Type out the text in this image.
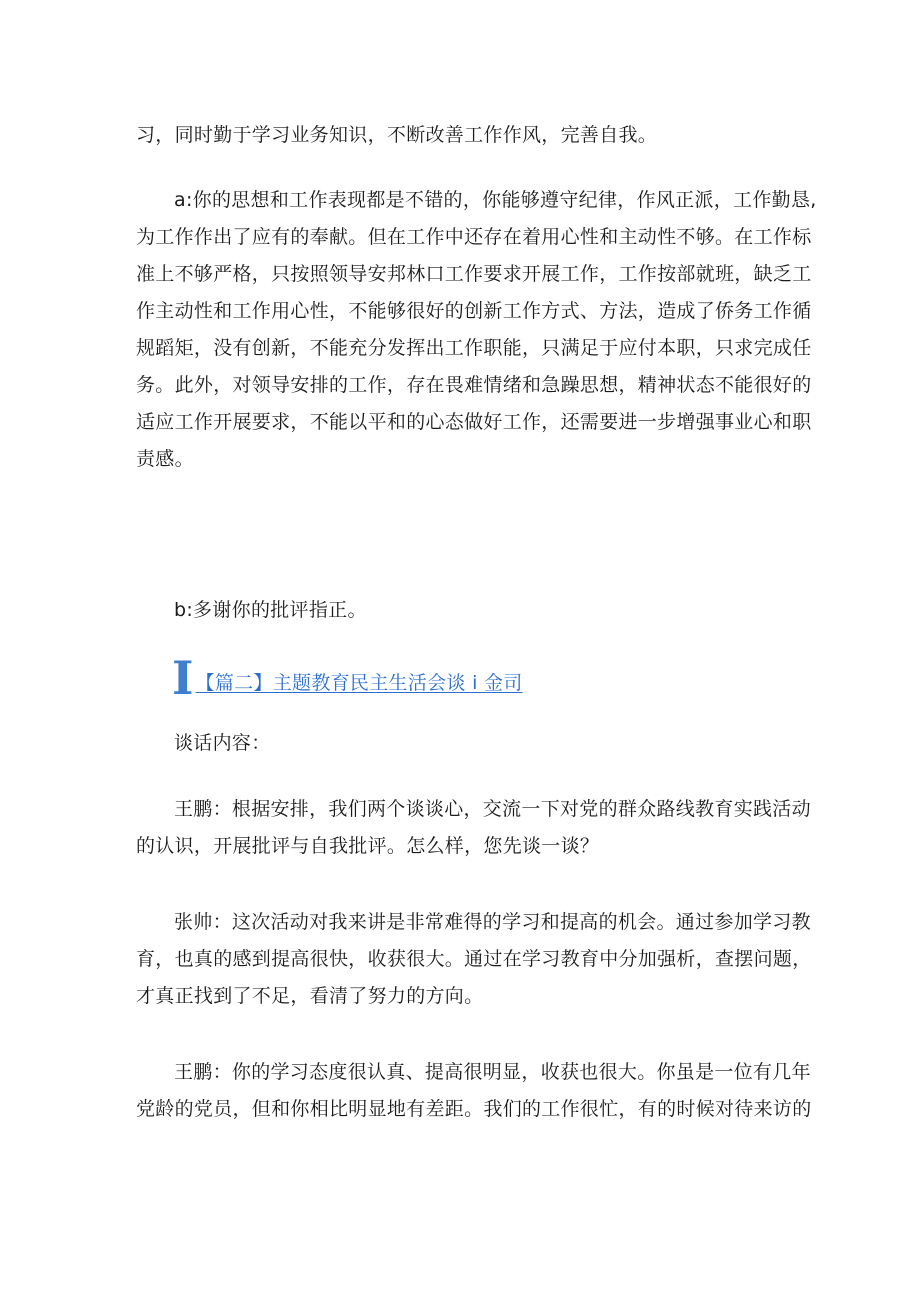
习，同时勤于学习业务知识，不断改善工作作风，完善自我。

a:你的思想和工作表现都是不错的，你能够遵守纪律，作风正派，工作勤恳,
为工作作出了应有的奉献。但在工作中还存在着用心性和主动性不够。在工作标
准上不够严格，只按照领导安邦林口工作要求开展工作，工作按部就班，缺乏工
作主动性和工作用心性，不能够很好的创新工作方式、方法，造成了侨务工作循
规蹈矩，没有创新，不能充分发挥出工作职能，只满足于应付本职，只求完成任
务。此外，对领导安排的工作，存在畏难情绪和急躁思想，精神状态不能很好的
适应工作开展要求，不能以平和的心态做好工作，还需要进一步增强事业心和职
责感。

b:多谢你的批评指正。

I 【篇二】主题教育民主生活会谈 i 金司

谈话内容：

王鹏：根据安排，我们两个谈谈心，交流一下对党的群众路线教育实践活动
的认识，开展批评与自我批评。怎么样，您先谈一谈？

张帅：这次活动对我来讲是非常难得的学习和提高的机会。通过参加学习教
育，也真的感到提高很快，收获很大。通过在学习教育中分加强析，查摆问题，
才真正找到了不足，看清了努力的方向。

王鹏：你的学习态度很认真、提高很明显，收获也很大。你虽是一位有几年
党龄的党员，但和你相比明显地有差距。我们的工作很忙，有的时候对待来访的
